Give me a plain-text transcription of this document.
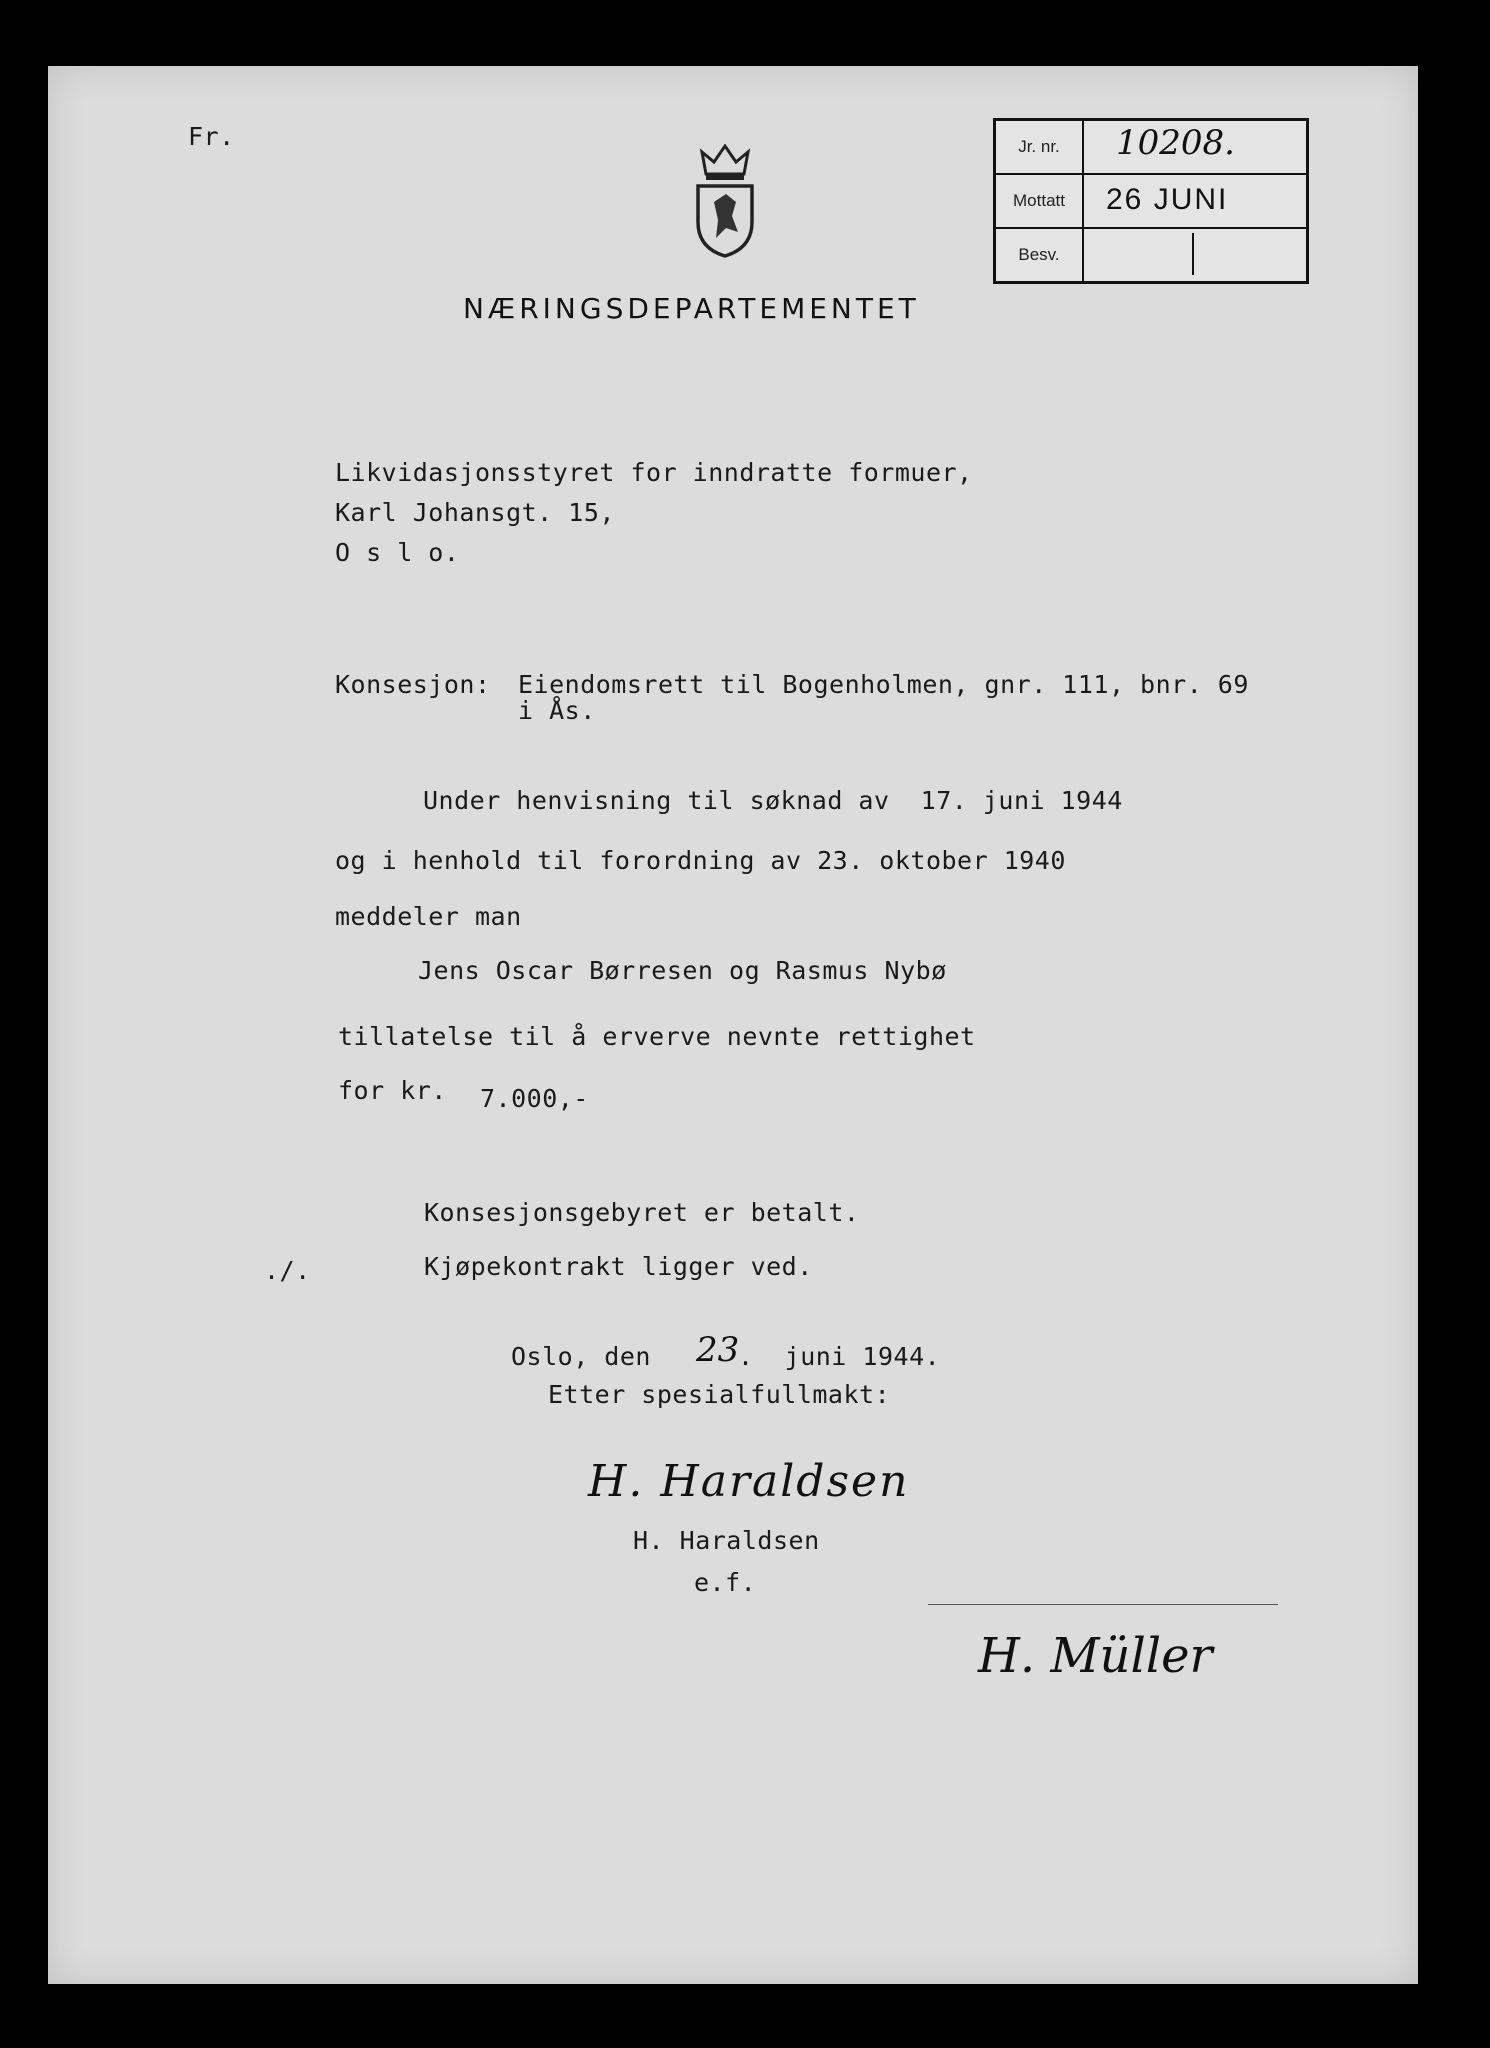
Fr.
NÆRINGSDEPARTEMENTET
Jr. nr.	10208.
Mottatt	26 JUNI
Besv.
Likvidasjonsstyret for inndratte formuer,
Karl Johansgt. 15,
O s l o.
Konsesjon: Eiendomsrett til Bogenholmen, gnr. 111, bnr. 69
i Ås.
Under henvisning til søknad av  17. juni 1944
og i henhold til forordning av 23. oktober 1940
meddeler man
Jens Oscar Børresen og Rasmus Nybø
tillatelse til å erverve nevnte rettighet
for kr. 7.000,-
Konsesjonsgebyret er betalt.
./.	Kjøpekontrakt ligger ved.
Oslo, den 23
.  juni 1944.
Etter spesialfullmakt:
H. Haraldsen
H. Haraldsen
e.f.
H. Müller
